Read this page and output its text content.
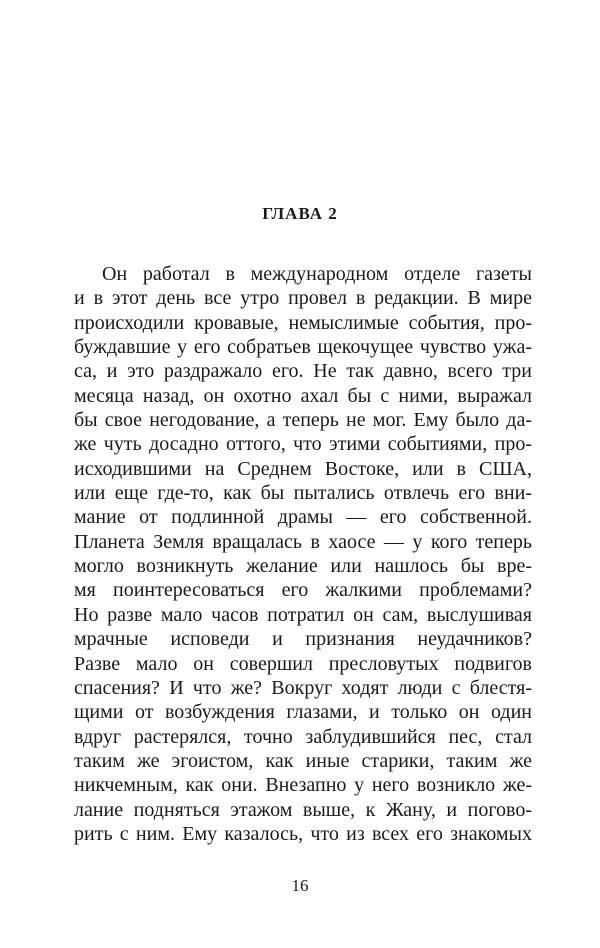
ГЛАВА 2
Он работал в международном отделе газеты
и в этот день все утро провел в редакции. В мире
происходили кровавые, немыслимые события, про-
буждавшие у его собратьев щекочущее чувство ужа-
са, и это раздражало его. Не так давно, всего три
месяца назад, он охотно ахал бы с ними, выражал
бы свое негодование, а теперь не мог. Ему было да-
же чуть досадно оттого, что этими событиями, про-
исходившими на Среднем Востоке, или в США,
или еще где-то, как бы пытались отвлечь его вни-
мание от подлинной драмы — его собственной.
Планета Земля вращалась в хаосе — у кого теперь
могло возникнуть желание или нашлось бы вре-
мя поинтересоваться его жалкими проблемами?
Но разве мало часов потратил он сам, выслушивая
мрачные исповеди и признания неудачников?
Разве мало он совершил пресловутых подвигов
спасения? И что же? Вокруг ходят люди с блестя-
щими от возбуждения глазами, и только он один
вдруг растерялся, точно заблудившийся пес, стал
таким же эгоистом, как иные старики, таким же
никчемным, как они. Внезапно у него возникло же-
лание подняться этажом выше, к Жану, и погово-
рить с ним. Ему казалось, что из всех его знакомых
16
